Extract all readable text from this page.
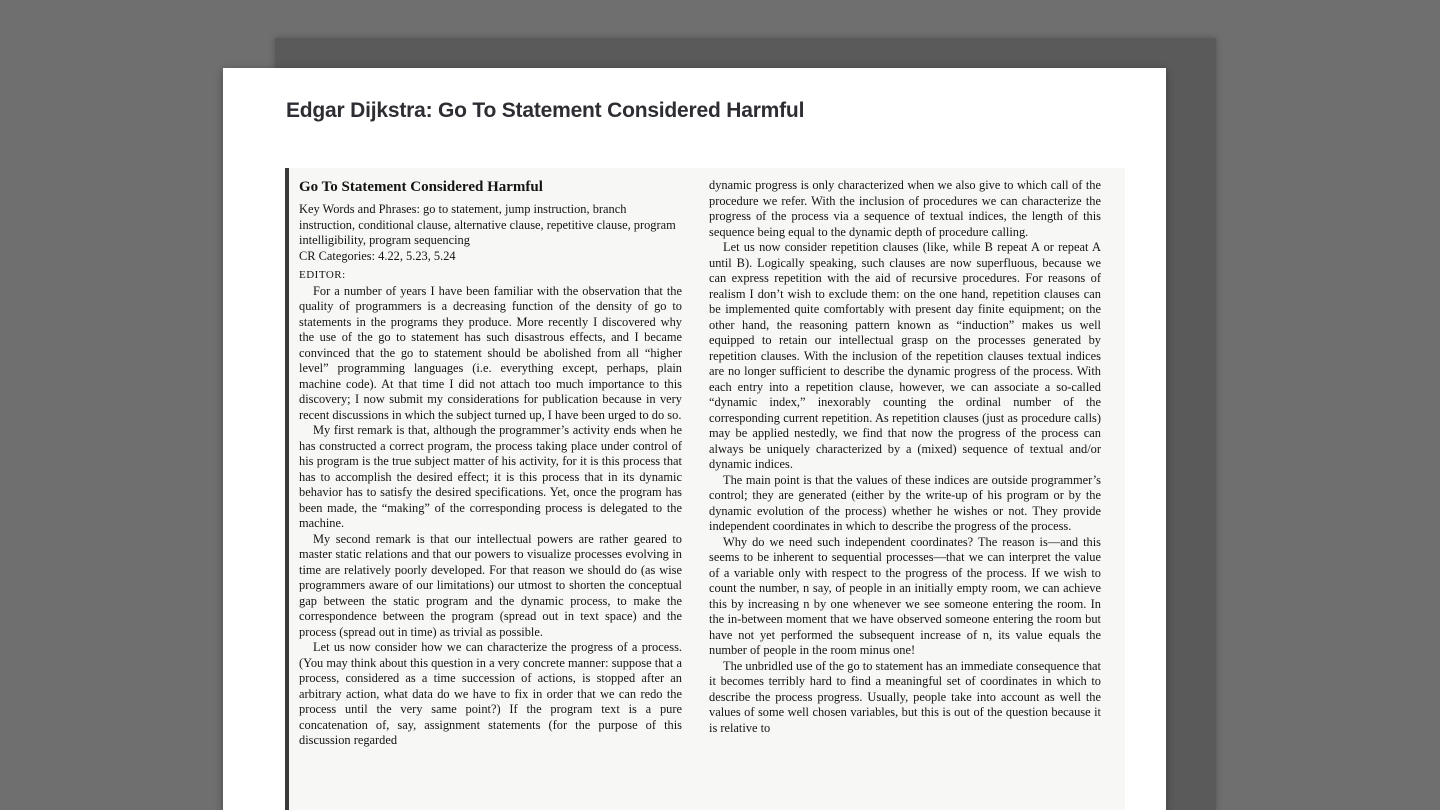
Edgar Dijkstra: Go To Statement Considered Harmful
Go To Statement Considered Harmful

Key Words and Phrases: go to statement, jump instruction, branch instruction, conditional clause, alternative clause, repetitive clause, program intelligibility, program sequencing

CR Categories: 4.22, 5.23, 5.24

EDITOR:

For a number of years I have been familiar with the observation that the quality of programmers is a decreasing function of the density of go to statements in the programs they produce. More recently I discovered why the use of the go to statement has such disastrous effects, and I became convinced that the go to statement should be abolished from all “higher level” programming languages (i.e. everything except, perhaps, plain machine code). At that time I did not attach too much importance to this discovery; I now submit my considerations for publication because in very recent discussions in which the subject turned up, I have been urged to do so.

My first remark is that, although the programmer’s activity ends when he has constructed a correct program, the process taking place under control of his program is the true subject matter of his activity, for it is this process that has to accomplish the desired effect; it is this process that in its dynamic behavior has to satisfy the desired specifications. Yet, once the program has been made, the “making” of the corresponding process is delegated to the machine.

My second remark is that our intellectual powers are rather geared to master static relations and that our powers to visualize processes evolving in time are relatively poorly developed. For that reason we should do (as wise programmers aware of our limitations) our utmost to shorten the conceptual gap between the static program and the dynamic process, to make the correspondence between the program (spread out in text space) and the process (spread out in time) as trivial as possible.

Let us now consider how we can characterize the progress of a process. (You may think about this question in a very concrete manner: suppose that a process, considered as a time succession of actions, is stopped after an arbitrary action, what data do we have to fix in order that we can redo the process until the very same point?) If the program text is a pure concatenation of, say, assignment statements (for the purpose of this discussion regarded

dynamic progress is only characterized when we also give to which call of the procedure we refer. With the inclusion of procedures we can characterize the progress of the process via a sequence of textual indices, the length of this sequence being equal to the dynamic depth of procedure calling.

Let us now consider repetition clauses (like, while B repeat A or repeat A until B). Logically speaking, such clauses are now superfluous, because we can express repetition with the aid of recursive procedures. For reasons of realism I don’t wish to exclude them: on the one hand, repetition clauses can be implemented quite comfortably with present day finite equipment; on the other hand, the reasoning pattern known as “induction” makes us well equipped to retain our intellectual grasp on the processes generated by repetition clauses. With the inclusion of the repetition clauses textual indices are no longer sufficient to describe the dynamic progress of the process. With each entry into a repetition clause, however, we can associate a so-called “dynamic index,” inexorably counting the ordinal number of the corresponding current repetition. As repetition clauses (just as procedure calls) may be applied nestedly, we find that now the progress of the process can always be uniquely characterized by a (mixed) sequence of textual and/or dynamic indices.

The main point is that the values of these indices are outside programmer’s control; they are generated (either by the write-up of his program or by the dynamic evolution of the process) whether he wishes or not. They provide independent coordinates in which to describe the progress of the process.

Why do we need such independent coordinates? The reason is—and this seems to be inherent to sequential processes—that we can interpret the value of a variable only with respect to the progress of the process. If we wish to count the number, n say, of people in an initially empty room, we can achieve this by increasing n by one whenever we see someone entering the room. In the in-between moment that we have observed someone entering the room but have not yet performed the subsequent increase of n, its value equals the number of people in the room minus one!

The unbridled use of the go to statement has an immediate consequence that it becomes terribly hard to find a meaningful set of coordinates in which to describe the process progress. Usually, people take into account as well the values of some well chosen variables, but this is out of the question because it is relative to
